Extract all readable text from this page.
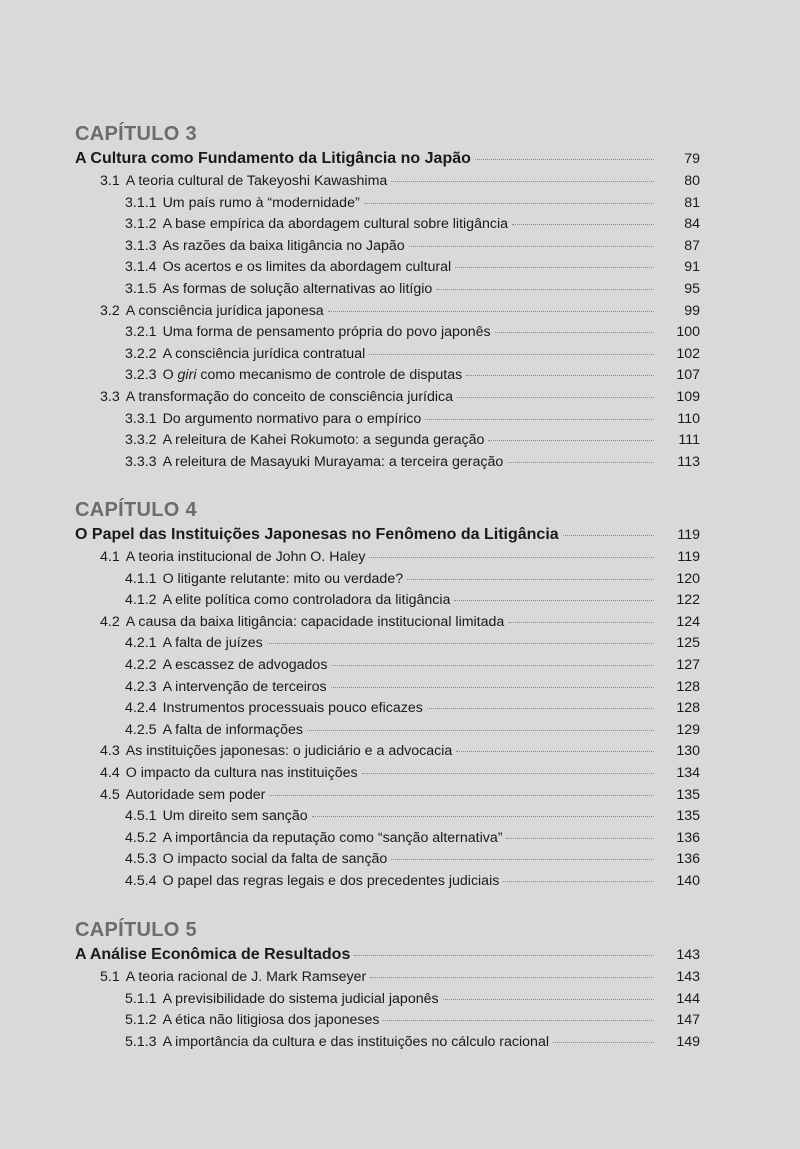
CAPÍTULO 3
A Cultura como Fundamento da Litigância no Japão	79
3.1 A teoria cultural de Takeyoshi Kawashima	80
3.1.1 Um país rumo à “modernidade”	81
3.1.2 A base empírica da abordagem cultural sobre litigância	84
3.1.3 As razões da baixa litigância no Japão	87
3.1.4 Os acertos e os limites da abordagem cultural	91
3.1.5 As formas de solução alternativas ao litígio	95
3.2 A consciência jurídica japonesa	99
3.2.1 Uma forma de pensamento própria do povo japonês	100
3.2.2 A consciência jurídica contratual	102
3.2.3 O giri como mecanismo de controle de disputas	107
3.3 A transformação do conceito de consciência jurídica	109
3.3.1 Do argumento normativo para o empírico	110
3.3.2 A releitura de Kahei Rokumoto: a segunda geração	111
3.3.3 A releitura de Masayuki Murayama: a terceira geração	113
CAPÍTULO 4
O Papel das Instituições Japonesas no Fenômeno da Litigância	119
4.1 A teoria institucional de John O. Haley	119
4.1.1 O litigante relutante: mito ou verdade?	120
4.1.2 A elite política como controladora da litigância	122
4.2 A causa da baixa litigância: capacidade institucional limitada	124
4.2.1 A falta de juízes	125
4.2.2 A escassez de advogados	127
4.2.3 A intervenção de terceiros	128
4.2.4 Instrumentos processuais pouco eficazes	128
4.2.5 A falta de informações	129
4.3 As instituições japonesas: o judiciário e a advocacia	130
4.4 O impacto da cultura nas instituições	134
4.5 Autoridade sem poder	135
4.5.1 Um direito sem sanção	135
4.5.2 A importância da reputação como “sanção alternativa”	136
4.5.3 O impacto social da falta de sanção	136
4.5.4 O papel das regras legais e dos precedentes judiciais	140
CAPÍTULO 5
A Análise Econômica de Resultados	143
5.1 A teoria racional de J. Mark Ramseyer	143
5.1.1 A previsibilidade do sistema judicial japonês	144
5.1.2 A ética não litigiosa dos japoneses	147
5.1.3 A importância da cultura e das instituições no cálculo racional	149
